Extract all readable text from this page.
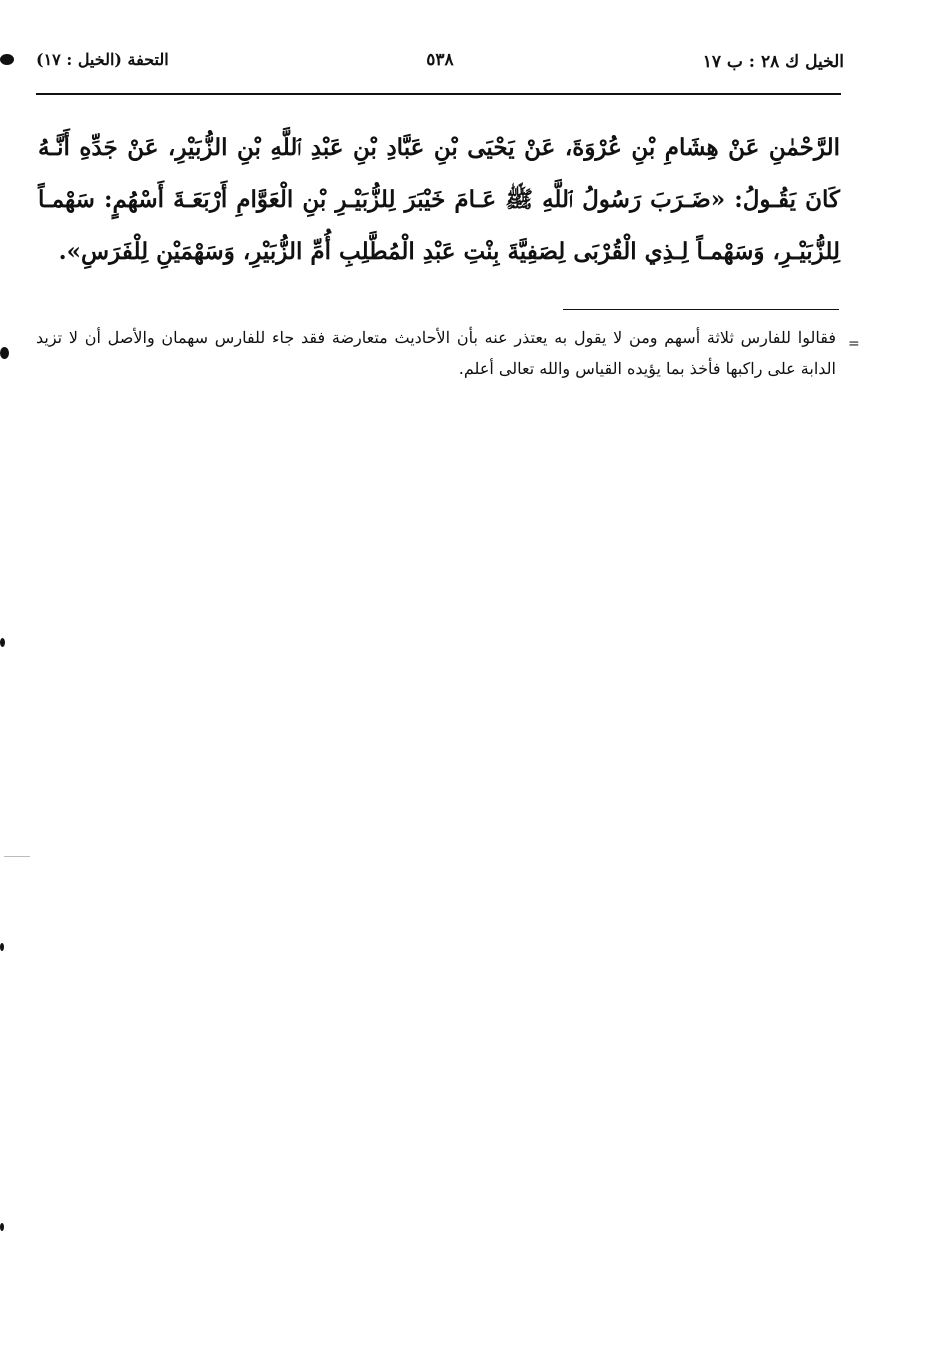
الخيل ك ٢٨ : ب ١٧
٥٣٨
التحفة (الخيل : ١٧)

الرَّحْمٰنِ عَنْ هِشَامِ بْنِ عُرْوَةَ، عَنْ يَحْيَى بْنِ عَبَّادِ بْنِ عَبْدِ ٱللَّهِ بْنِ الزُّبَيْرِ، عَنْ جَدِّهِ أَنَّـهُ كَانَ يَقُـولُ: «ضَـرَبَ رَسُولُ ٱللَّهِ ﷺ عَـامَ خَيْبَرَ لِلزُّبَيْـرِ بْنِ الْعَوَّامِ أَرْبَعَـةَ أَسْهُمٍ: سَهْمـاً لِلزُّبَيْـرِ، وَسَهْمـاً لِـذِي الْقُرْبَى لِصَفِيَّةَ بِنْتِ عَبْدِ الْمُطَّلِبِ أُمِّ الزُّبَيْرِ، وَسَهْمَيْنِ لِلْفَرَسِ».

=

فقالوا للفارس ثلاثة أسهم ومن لا يقول به يعتذر عنه بأن الأحاديث متعارضة فقد جاء للفارس سهمان والأصل أن لا تزيد الدابة على راكبها فأخذ بما يؤيده القياس والله تعالى أعلم.
